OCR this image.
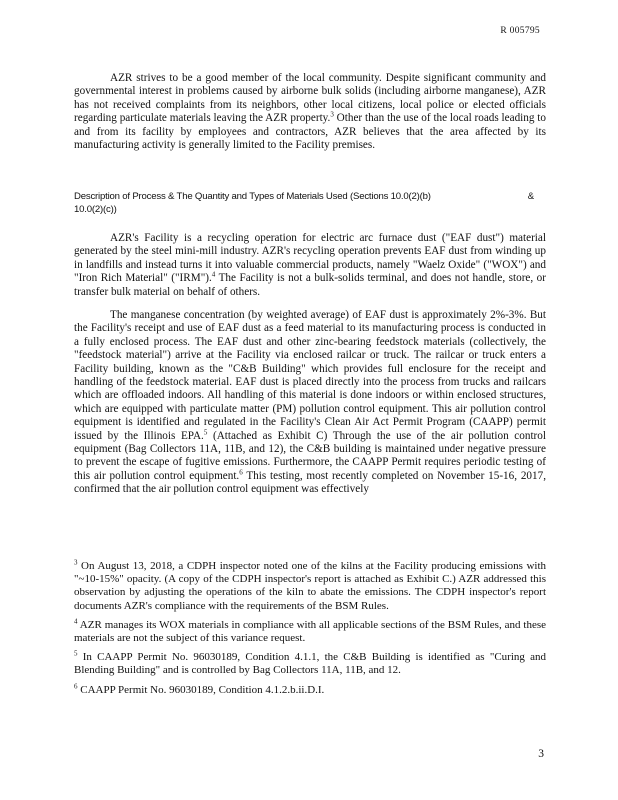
R 005795

AZR strives to be a good member of the local community. Despite significant community and governmental interest in problems caused by airborne bulk solids (including airborne manganese), AZR has not received complaints from its neighbors, other local citizens, local police or elected officials regarding particulate materials leaving the AZR property.$^3$ Other than the use of the local roads leading to and from its facility by employees and contractors, AZR believes that the area affected by its manufacturing activity is generally limited to the Facility premises.

Description of Process & The Quantity and Types of Materials Used (Sections 10.0(2)(b)	&

10.0(2)(c))

AZR's Facility is a recycling operation for electric arc furnace dust ("EAF dust") material generated by the steel mini-mill industry. AZR's recycling operation prevents EAF dust from winding up in landfills and instead turns it into valuable commercial products, namely "Waelz Oxide" ("WOX") and "Iron Rich Material" ("IRM").$^4$ The Facility is not a bulk-solids terminal, and does not handle, store, or transfer bulk material on behalf of others.

The manganese concentration (by weighted average) of EAF dust is approximately 2%-3%. But the Facility's receipt and use of EAF dust as a feed material to its manufacturing process is conducted in a fully enclosed process. The EAF dust and other zinc-bearing feedstock materials (collectively, the "feedstock material") arrive at the Facility via enclosed railcar or truck. The railcar or truck enters a Facility building, known as the "C&B Building" which provides full enclosure for the receipt and handling of the feedstock material. EAF dust is placed directly into the process from trucks and railcars which are offloaded indoors. All handling of this material is done indoors or within enclosed structures, which are equipped with particulate matter (PM) pollution control equipment. This air pollution control equipment is identified and regulated in the Facility's Clean Air Act Permit Program (CAAPP) permit issued by the Illinois EPA.$^5$ (Attached as Exhibit C) Through the use of the air pollution control equipment (Bag Collectors 11A, 11B, and 12), the C&B building is maintained under negative pressure to prevent the escape of fugitive emissions. Furthermore, the CAAPP Permit requires periodic testing of this air pollution control equipment.$^6$ This testing, most recently completed on November 15-16, 2017, confirmed that the air pollution control equipment was effectively

$^3$ On August 13, 2018, a CDPH inspector noted one of the kilns at the Facility producing emissions with "~10-15%" opacity. (A copy of the CDPH inspector's report is attached as Exhibit C.) AZR addressed this observation by adjusting the operations of the kiln to abate the emissions. The CDPH inspector's report documents AZR's compliance with the requirements of the BSM Rules.

$^4$ AZR manages its WOX materials in compliance with all applicable sections of the BSM Rules, and these materials are not the subject of this variance request.

$^5$ In CAAPP Permit No. 96030189, Condition 4.1.1, the C&B Building is identified as "Curing and Blending Building" and is controlled by Bag Collectors 11A, 11B, and 12.

$^6$ CAAPP Permit No. 96030189, Condition 4.1.2.b.ii.D.I.

3
